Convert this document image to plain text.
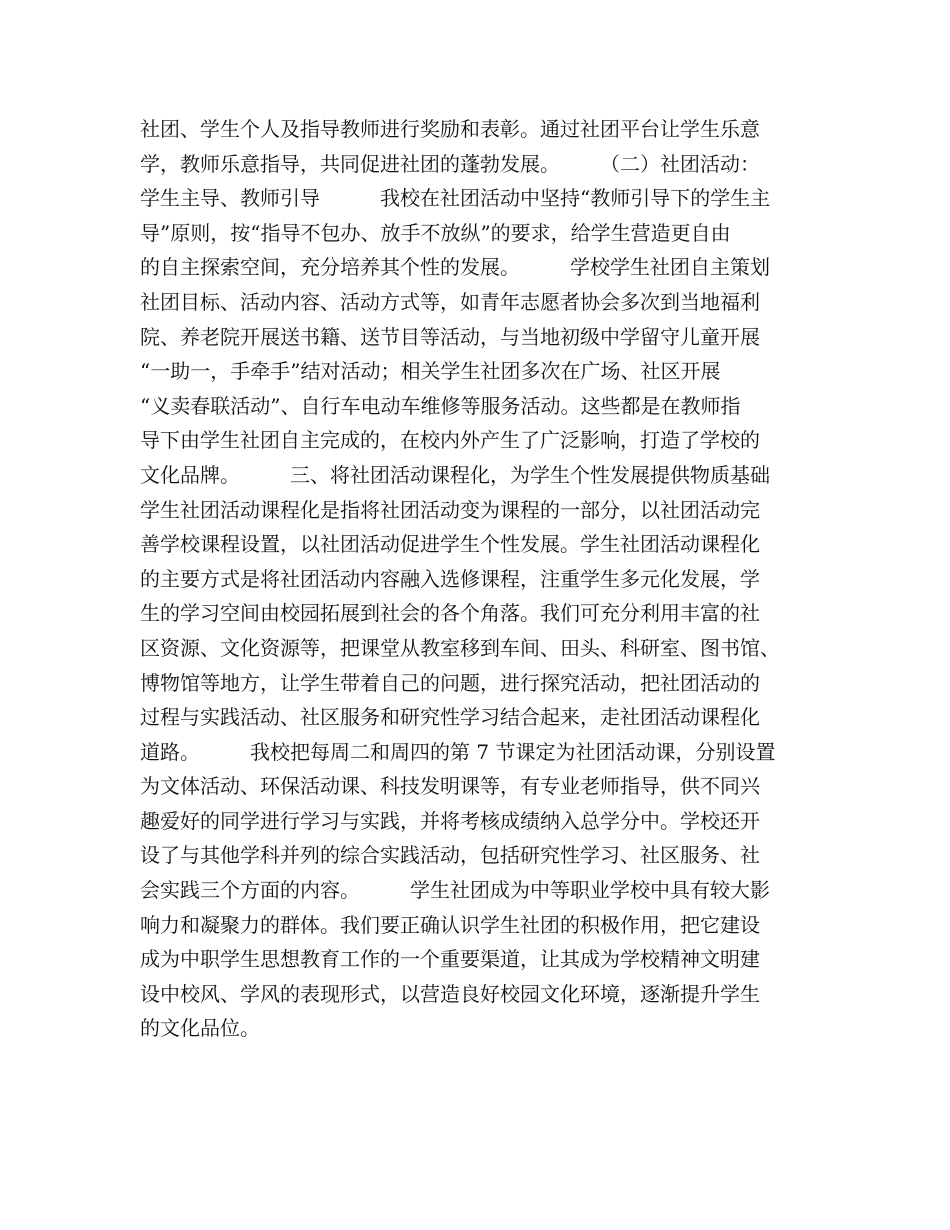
社团、学生个人及指导教师进行奖励和表彰。通过社团平台让学生乐意
学，教师乐意指导，共同促进社团的蓬勃发展。　　　（二）社团活动：
学生主导、教师引导　　　我校在社团活动中坚持“教师引导下的学生主
导”原则，按“指导不包办、放手不放纵”的要求，给学生营造更自由
的自主探索空间，充分培养其个性的发展。　　　学校学生社团自主策划
社团目标、活动内容、活动方式等，如青年志愿者协会多次到当地福利
院、养老院开展送书籍、送节目等活动，与当地初级中学留守儿童开展
“一助一，手牵手”结对活动；相关学生社团多次在广场、社区开展
“义卖春联活动”、自行车电动车维修等服务活动。这些都是在教师指
导下由学生社团自主完成的，在校内外产生了广泛影响，打造了学校的
文化品牌。　　　三、将社团活动课程化，为学生个性发展提供物质基础
学生社团活动课程化是指将社团活动变为课程的一部分，以社团活动完
善学校课程设置，以社团活动促进学生个性发展。学生社团活动课程化
的主要方式是将社团活动内容融入选修课程，注重学生多元化发展，学
生的学习空间由校园拓展到社会的各个角落。我们可充分利用丰富的社
区资源、文化资源等，把课堂从教室移到车间、田头、科研室、图书馆、
博物馆等地方，让学生带着自己的问题，进行探究活动，把社团活动的
过程与实践活动、社区服务和研究性学习结合起来，走社团活动课程化
道路。　　　我校把每周二和周四的第 7 节课定为社团活动课，分别设置
为文体活动、环保活动课、科技发明课等，有专业老师指导，供不同兴
趣爱好的同学进行学习与实践，并将考核成绩纳入总学分中。学校还开
设了与其他学科并列的综合实践活动，包括研究性学习、社区服务、社
会实践三个方面的内容。　　　学生社团成为中等职业学校中具有较大影
响力和凝聚力的群体。我们要正确认识学生社团的积极作用，把它建设
成为中职学生思想教育工作的一个重要渠道，让其成为学校精神文明建
设中校风、学风的表现形式，以营造良好校园文化环境，逐渐提升学生
的文化品位。
